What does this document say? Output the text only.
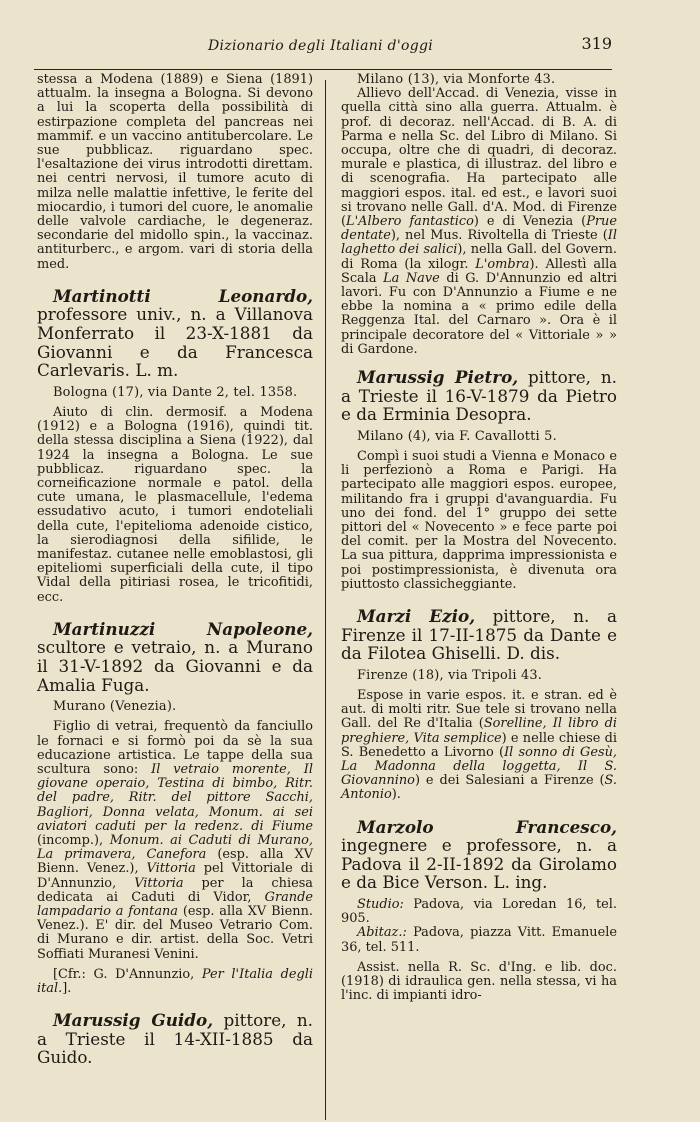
Dizionario degli Italiani d'oggi	319

stessa a Modena (1889) e Siena (1891) attualm. la insegna a Bologna. Si devono a lui la scoperta della possibilità di estirpazione completa del pancreas nei mammif. e un vaccino antitubercolare. Le sue pubblicaz. riguardano spec. l'esaltazione dei virus introdotti direttam. nei centri nervosi, il tumore acuto di milza nelle malattie infettive, le ferite del miocardio, i tumori del cuore, le anomalie delle valvole cardiache, le degeneraz. secondarie del midollo spin., la vaccinaz. antiturberc., e argom. vari di storia della med.

Martinotti Leonardo, professore univ., n. a Villanova Monferrato il 23-X-1881 da Giovanni e da Francesca Carlevaris. L. m.

Bologna (17), via Dante 2, tel. 1358.

Aiuto di clin. dermosif. a Modena (1912) e a Bologna (1916), quindi tit. della stessa disciplina a Siena (1922), dal 1924 la insegna a Bologna. Le sue pubblicaz. riguardano spec. la corneificazione normale e patol. della cute umana, le plasmacellule, l'edema essudativo acuto, i tumori endoteliali della cute, l'epitelioma adenoide cistico, la sierodiagnosi della sifilide, le manifestaz. cutanee nelle emoblastosi, gli epiteliomi superficiali della cute, il tipo Vidal della pitiriasi rosea, le tricofitidi, ecc.

Martinuzzi Napoleone, scultore e vetraio, n. a Murano il 31-V-1892 da Giovanni e da Amalia Fuga.

Murano (Venezia).

Figlio di vetrai, frequentò da fanciullo le fornaci e si formò poi da sè la sua educazione artistica. Le tappe della sua scultura sono: Il vetraio morente, Il giovane operaio, Testina di bimbo, Ritr. del padre, Ritr. del pittore Sacchi, Bagliori, Donna velata, Monum. ai sei aviatori caduti per la redenz. di Fiume (incomp.), Monum. ai Caduti di Murano, La primavera, Canefora (esp. alla XV Bienn. Venez.), Vittoria pel Vittoriale di D'Annunzio, Vittoria per la chiesa dedicata ai Caduti di Vidor, Grande lampadario a fontana (esp. alla XV Bienn. Venez.). E' dir. del Museo Vetrario Com. di Murano e dir. artist. della Soc. Vetri Soffiati Muranesi Venini.

[Cfr.: G. D'Annunzio, Per l'Italia degli ital.].

Marussig Guido, pittore, n. a Trieste il 14-XII-1885 da Guido.

Milano (13), via Monforte 43.

Allievo dell'Accad. di Venezia, visse in quella città sino alla guerra. Attualm. è prof. di decoraz. nell'Accad. di B. A. di Parma e nella Sc. del Libro di Milano. Si occupa, oltre che di quadri, di decoraz. murale e plastica, di illustraz. del libro e di scenografia. Ha partecipato alle maggiori espos. ital. ed est., e lavori suoi si trovano nelle Gall. d'A. Mod. di Firenze (L'Albero fantastico) e di Venezia (Prue dentate), nel Mus. Rivoltella di Trieste (Il laghetto dei salici), nella Gall. del Govern. di Roma (la xilogr. L'ombra). Allestì alla Scala La Nave di G. D'Annunzio ed altri lavori. Fu con D'Annunzio a Fiume e ne ebbe la nomina a « primo edile della Reggenza Ital. del Carnaro ». Ora è il principale decoratore del « Vittoriale » » di Gardone.

Marussig Pietro, pittore, n. a Trieste il 16-V-1879 da Pietro e da Erminia Desopra.

Milano (4), via F. Cavallotti 5.

Compì i suoi studi a Vienna e Monaco e li perfezionò a Roma e Parigi. Ha partecipato alle maggiori espos. europee, militando fra i gruppi d'avanguardia. Fu uno dei fond. del 1° gruppo dei sette pittori del « Novecento » e fece parte poi del comit. per la Mostra del Novecento. La sua pittura, dapprima impressionista e poi postimpressionista, è divenuta ora piuttosto classicheggiante.

Marzi Ezio, pittore, n. a Firenze il 17-II-1875 da Dante e da Filotea Ghiselli. D. dis.

Firenze (18), via Tripoli 43.

Espose in varie espos. it. e stran. ed è aut. di molti ritr. Sue tele si trovano nella Gall. del Re d'Italia (Sorelline, Il libro di preghiere, Vita semplice) e nelle chiese di S. Benedetto a Livorno (Il sonno di Gesù, La Madonna della loggetta, Il S. Giovannino) e dei Salesiani a Firenze (S. Antonio).

Marzolo Francesco, ingegnere e professore, n. a Padova il 2-II-1892 da Girolamo e da Bice Verson. L. ing.

Studio: Padova, via Loredan 16, tel. 905.

Abitaz.: Padova, piazza Vitt. Emanuele 36, tel. 511.

Assist. nella R. Sc. d'Ing. e lib. doc. (1918) di idraulica gen. nella stessa, vi ha l'inc. di impianti idro-
